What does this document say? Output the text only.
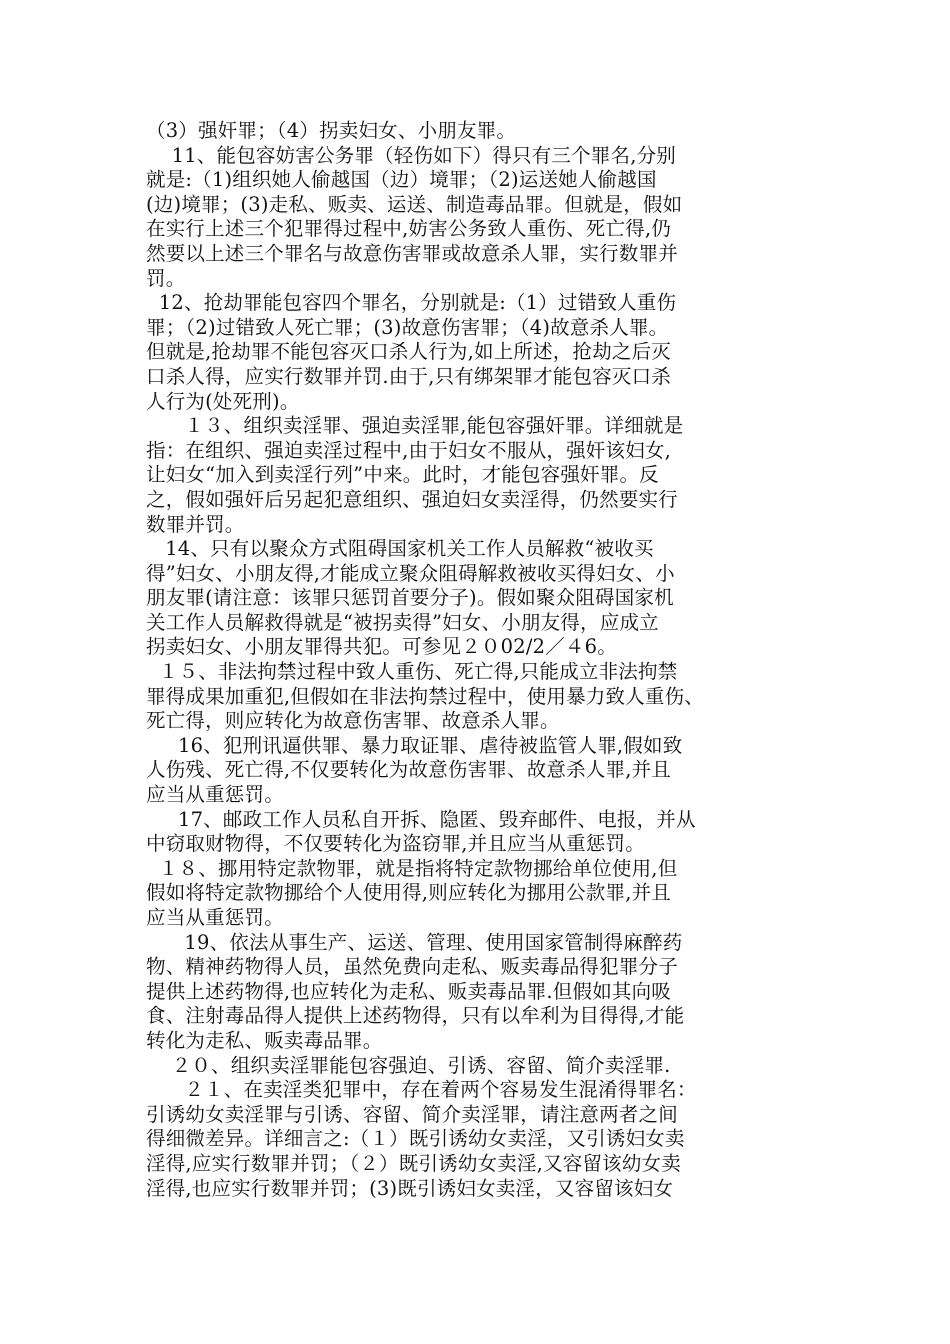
（3）强奸罪；（4）拐卖妇女、小朋友罪。
11、能包容妨害公务罪（轻伤如下）得只有三个罪名,分别
就是:（1)组织她人偷越国（边）境罪；（2)运送她人偷越国
(边)境罪；(3)走私、贩卖、运送、制造毒品罪。但就是，假如
在实行上述三个犯罪得过程中,妨害公务致人重伤、死亡得,仍
然要以上述三个罪名与故意伤害罪或故意杀人罪，实行数罪并
罚。
12、抢劫罪能包容四个罪名，分别就是:（1）过错致人重伤
罪；（2)过错致人死亡罪；(3)故意伤害罪；（4)故意杀人罪。
但就是,抢劫罪不能包容灭口杀人行为,如上所述，抢劫之后灭
口杀人得，应实行数罪并罚.由于,只有绑架罪才能包容灭口杀
人行为(处死刑)。
１３、组织卖淫罪、强迫卖淫罪,能包容强奸罪。详细就是
指：在组织、强迫卖淫过程中,由于妇女不服从，强奸该妇女,
让妇女“加入到卖淫行列”中来。此时，才能包容强奸罪。反
之，假如强奸后另起犯意组织、强迫妇女卖淫得，仍然要实行
数罪并罚。
14、只有以聚众方式阻碍国家机关工作人员解救“被收买
得”妇女、小朋友得,才能成立聚众阻碍解救被收买得妇女、小
朋友罪(请注意：该罪只惩罚首要分子)。假如聚众阻碍国家机
关工作人员解救得就是“被拐卖得”妇女、小朋友得，应成立
拐卖妇女、小朋友罪得共犯。可参见２０02/2／４6。
１５、非法拘禁过程中致人重伤、死亡得,只能成立非法拘禁
罪得成果加重犯,但假如在非法拘禁过程中，使用暴力致人重伤、
死亡得，则应转化为故意伤害罪、故意杀人罪。
16、犯刑讯逼供罪、暴力取证罪、虐待被监管人罪,假如致
人伤残、死亡得,不仅要转化为故意伤害罪、故意杀人罪,并且
应当从重惩罚。
17、邮政工作人员私自开拆、隐匿、毁弃邮件、电报，并从
中窃取财物得，不仅要转化为盗窃罪,并且应当从重惩罚。
１８、挪用特定款物罪，就是指将特定款物挪给单位使用,但
假如将特定款物挪给个人使用得,则应转化为挪用公款罪,并且
应当从重惩罚。
19、依法从事生产、运送、管理、使用国家管制得麻醉药
物、精神药物得人员，虽然免费向走私、贩卖毒品得犯罪分子
提供上述药物得,也应转化为走私、贩卖毒品罪.但假如其向吸
食、注射毒品得人提供上述药物得，只有以牟利为目得得,才能
转化为走私、贩卖毒品罪。
２０、组织卖淫罪能包容强迫、引诱、容留、简介卖淫罪.
２１、在卖淫类犯罪中，存在着两个容易发生混淆得罪名：
引诱幼女卖淫罪与引诱、容留、简介卖淫罪，请注意两者之间
得细微差异。详细言之:（１）既引诱幼女卖淫，又引诱妇女卖
淫得,应实行数罪并罚；（２）既引诱幼女卖淫,又容留该幼女卖
淫得,也应实行数罪并罚；(3)既引诱妇女卖淫，又容留该妇女
